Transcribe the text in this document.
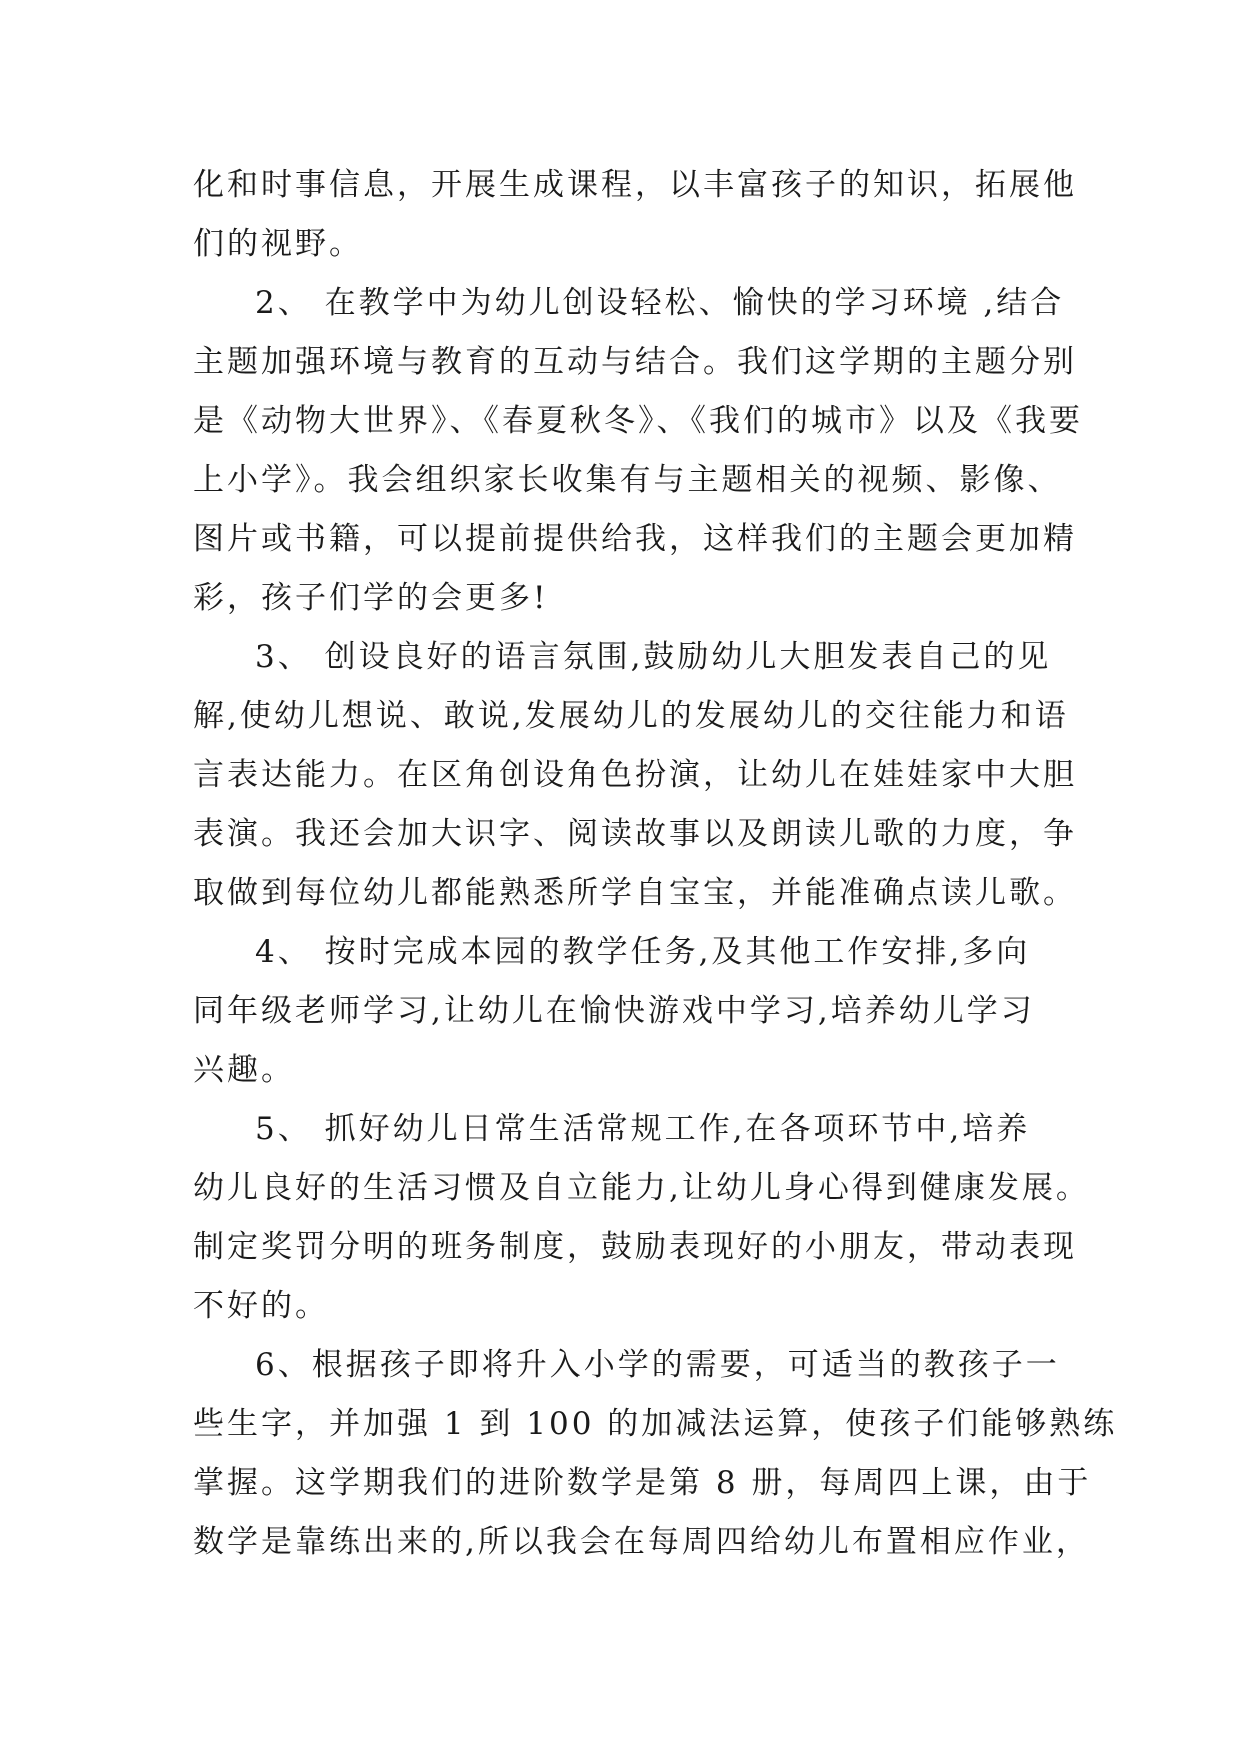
化和时事信息，开展生成课程，以丰富孩子的知识，拓展他
们的视野。
2、 在教学中为幼儿创设轻松、愉快的学习环境 ,结合
主题加强环境与教育的互动与结合。我们这学期的主题分别
是《动物大世界》、《春夏秋冬》、《我们的城市》以及《我要
上小学》。我会组织家长收集有与主题相关的视频、影像、
图片或书籍，可以提前提供给我，这样我们的主题会更加精
彩，孩子们学的会更多!
3、 创设良好的语言氛围,鼓励幼儿大胆发表自己的见
解,使幼儿想说、敢说,发展幼儿的发展幼儿的交往能力和语
言表达能力。在区角创设角色扮演，让幼儿在娃娃家中大胆
表演。我还会加大识字、阅读故事以及朗读儿歌的力度，争
取做到每位幼儿都能熟悉所学自宝宝，并能准确点读儿歌。
4、 按时完成本园的教学任务,及其他工作安排,多向
同年级老师学习,让幼儿在愉快游戏中学习,培养幼儿学习
兴趣。
5、 抓好幼儿日常生活常规工作,在各项环节中,培养
幼儿良好的生活习惯及自立能力,让幼儿身心得到健康发展。
制定奖罚分明的班务制度，鼓励表现好的小朋友，带动表现
不好的。
6、根据孩子即将升入小学的需要，可适当的教孩子一
些生字，并加强 1 到 100 的加减法运算，使孩子们能够熟练
掌握。这学期我们的进阶数学是第 8 册，每周四上课，由于
数学是靠练出来的,所以我会在每周四给幼儿布置相应作业，
